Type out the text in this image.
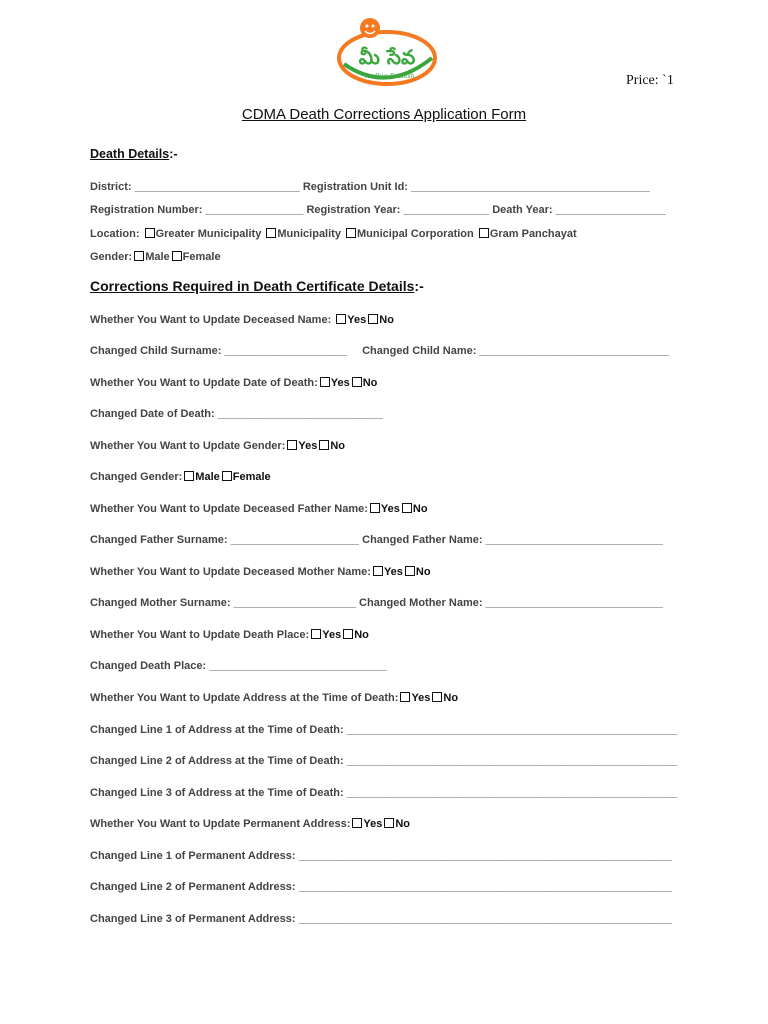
మీ సేవ
Andhra Pradesh	Price: `1
CDMA Death Corrections Application Form
Death Details:-
District: ___________________________ Registration Unit Id: _______________________________________
Registration Number: ________________ Registration Year: ______________ Death Year: __________________
Location: Greater Municipality Municipality Municipal Corporation Gram Panchayat
Gender: Male Female
Corrections Required in Death Certificate Details:-
Whether You Want to Update Deceased Name: Yes No
Changed Child Surname: ____________________ Changed Child Name: _______________________________
Whether You Want to Update Date of Death: Yes No
Changed Date of Death: ___________________________
Whether You Want to Update Gender: Yes No
Changed Gender: Male Female
Whether You Want to Update Deceased Father Name: Yes No
Changed Father Surname: _____________________ Changed Father Name: _____________________________
Whether You Want to Update Deceased Mother Name: Yes No
Changed Mother Surname: ____________________ Changed Mother Name: _____________________________
Whether You Want to Update Death Place: Yes No
Changed Death Place: _____________________________
Whether You Want to Update Address at the Time of Death: Yes No
Changed Line 1 of Address at the Time of Death: ______________________________________________________
Changed Line 2 of Address at the Time of Death: ______________________________________________________
Changed Line 3 of Address at the Time of Death: ______________________________________________________
Whether You Want to Update Permanent Address: Yes No
Changed Line 1 of Permanent Address: _____________________________________________________________
Changed Line 2 of Permanent Address: _____________________________________________________________
Changed Line 3 of Permanent Address: _____________________________________________________________
